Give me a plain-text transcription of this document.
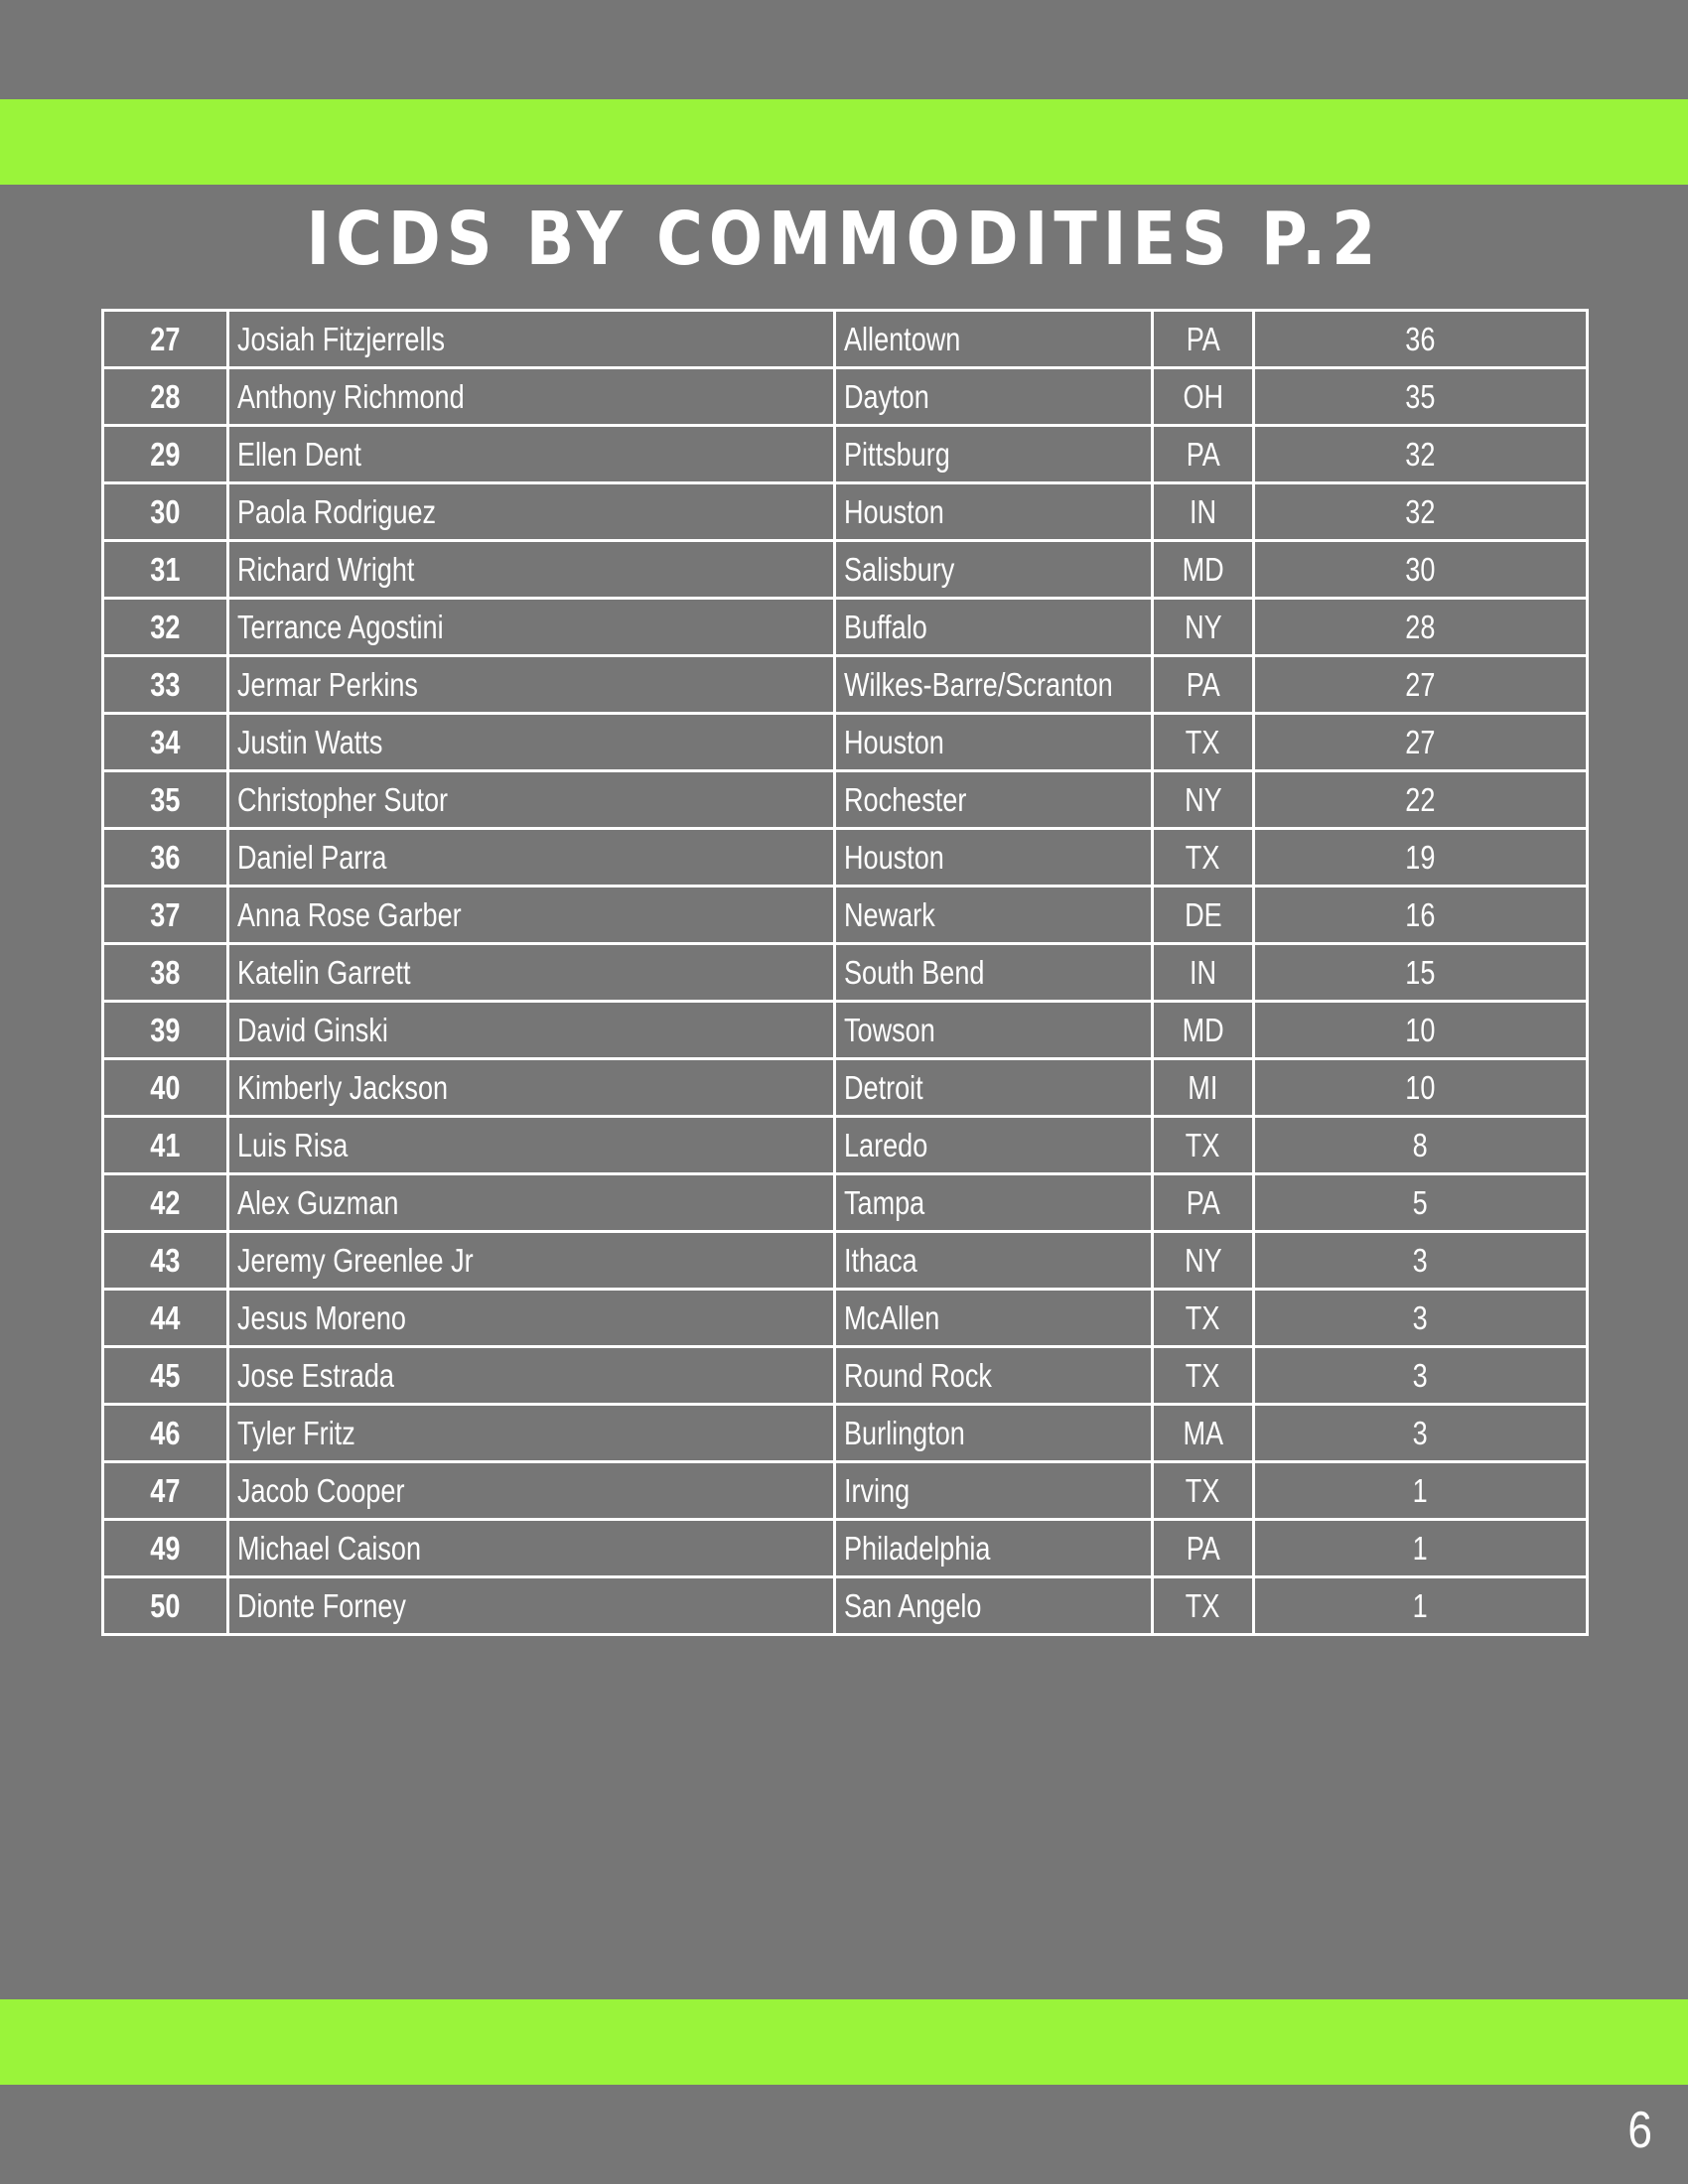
ICDS BY COMMODITIES P.2
27	Josiah Fitzjerrells	Allentown	PA	36
28	Anthony Richmond	Dayton	OH	35
29	Ellen Dent	Pittsburg	PA	32
30	Paola Rodriguez	Houston	IN	32
31	Richard Wright	Salisbury	MD	30
32	Terrance Agostini	Buffalo	NY	28
33	Jermar Perkins	Wilkes-Barre/Scranton	PA	27
34	Justin Watts	Houston	TX	27
35	Christopher Sutor	Rochester	NY	22
36	Daniel Parra	Houston	TX	19
37	Anna Rose Garber	Newark	DE	16
38	Katelin Garrett	South Bend	IN	15
39	David Ginski	Towson	MD	10
40	Kimberly Jackson	Detroit	MI	10
41	Luis Risa	Laredo	TX	8
42	Alex Guzman	Tampa	PA	5
43	Jeremy Greenlee Jr	Ithaca	NY	3
44	Jesus Moreno	McAllen	TX	3
45	Jose Estrada	Round Rock	TX	3
46	Tyler Fritz	Burlington	MA	3
47	Jacob Cooper	Irving	TX	1
49	Michael Caison	Philadelphia	PA	1
50	Dionte Forney	San Angelo	TX	1
6
